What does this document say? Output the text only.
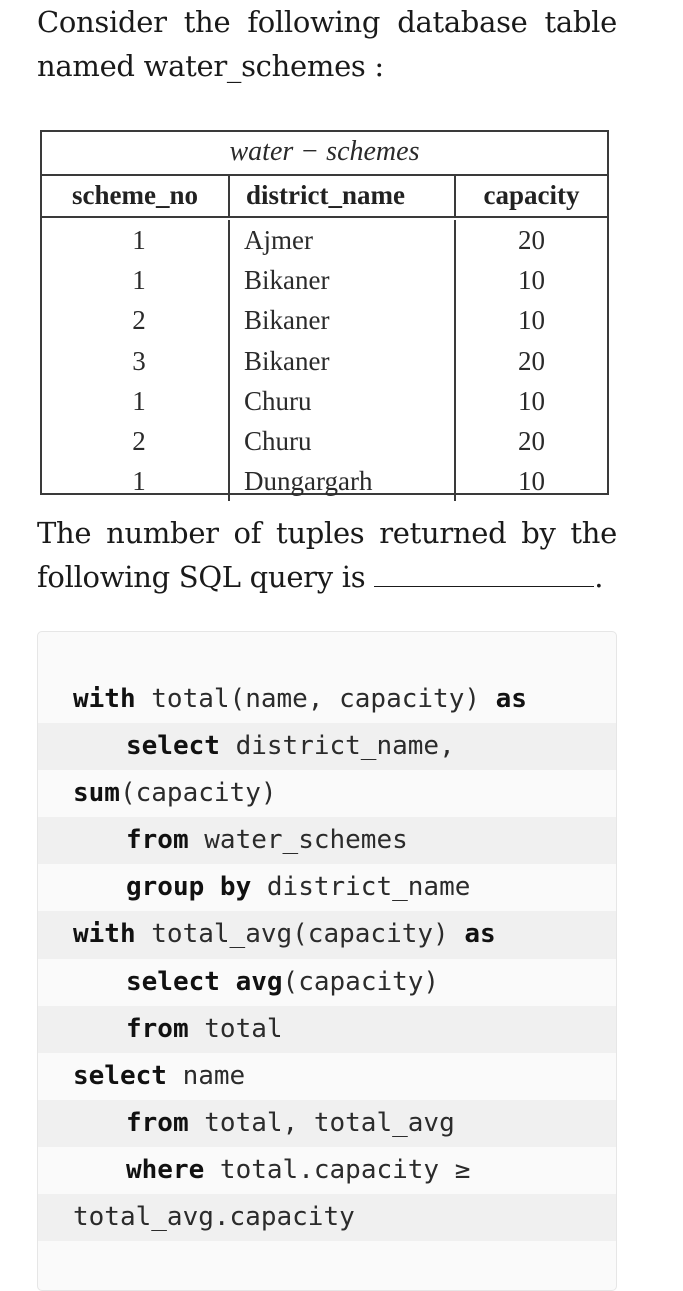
Consider the following database table named water_schemes :
water − schemes
scheme_no	district_name	capacity
1	Ajmer	20
1	Bikaner	10
2	Bikaner	10
3	Bikaner	20
1	Churu	10
2	Churu	20
1	Dungargarh	10
The number of tuples returned by the following SQL query is	.
with total(name, capacity) as
select district_name,
sum(capacity)
from water_schemes
group by district_name
with total_avg(capacity) as
select avg(capacity)
from total
select name
from total, total_avg
where total.capacity ≥
total_avg.capacity
